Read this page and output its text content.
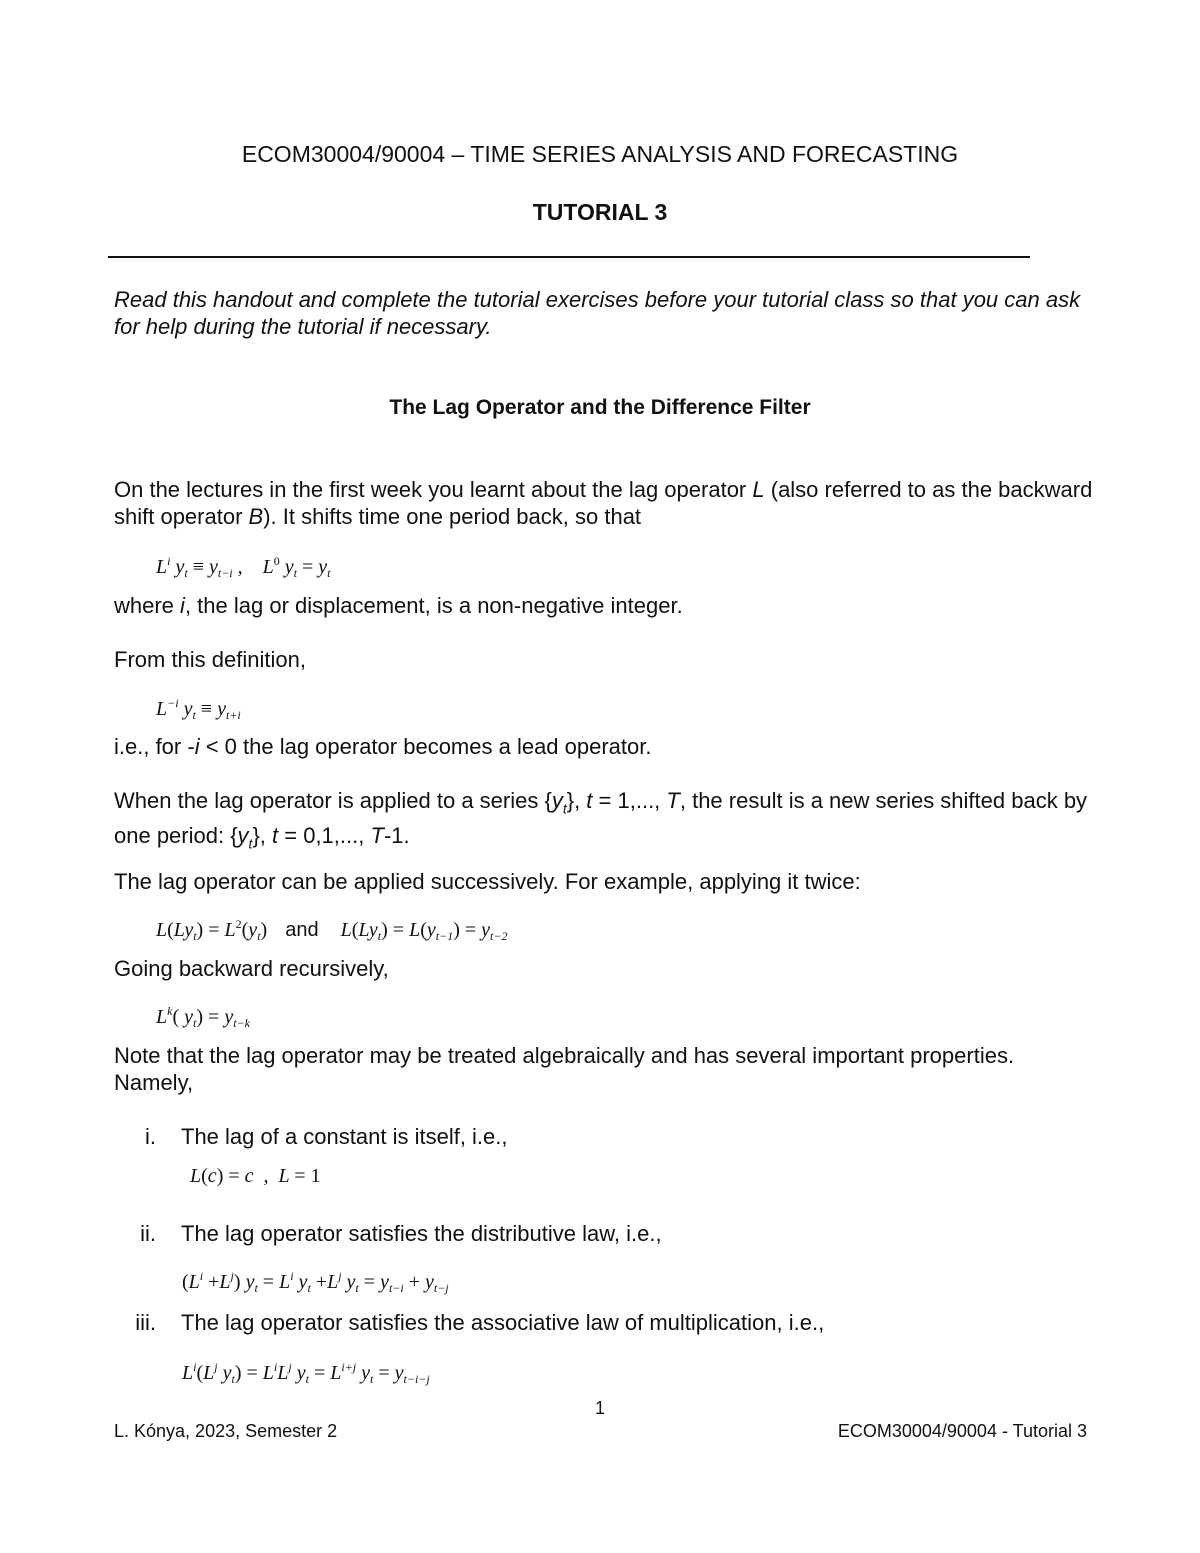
ECOM30004/90004 – TIME SERIES ANALYSIS AND FORECASTING
TUTORIAL 3
Read this handout and complete the tutorial exercises before your tutorial class so that you can ask for help during the tutorial if necessary.
The Lag Operator and the Difference Filter
On the lectures in the first week you learnt about the lag operator L (also referred to as the backward shift operator B). It shifts time one period back, so that
$L^i$ $y_t \equiv y_{t-i}$ ,    $L^0$ $y_t = y_t$
where i, the lag or displacement, is a non-negative integer.
From this definition,
$L^{-i}$ $y_t \equiv y_{t+i}$
i.e., for -i < 0 the lag operator becomes a lead operator.
When the lag operator is applied to a series $\{y_t\}$, t = 1,..., T, the result is a new series shifted back by one period: $\{y_t\}$, t = 0,1,..., T-1.
The lag operator can be applied successively. For example, applying it twice:
$L(Ly_t) = L^2(y_t)$ and $L(Ly_t) = L(y_{t-1}) = y_{t-2}$
Going backward recursively,
$L^k$( $y_t) = y_{t-k}$
Note that the lag operator may be treated algebraically and has several important properties. Namely,
i. The lag of a constant is itself, i.e.,
L(c) = c  ,  L = 1
ii. The lag operator satisfies the distributive law, i.e.,
$(L^i +L^j) y_t = L^i$ $y_t +L^j$ $y_t = y_{t-i} + y_{t-j}$
iii. The lag operator satisfies the associative law of multiplication, i.e.,
$L^i(L^j$ $y_t) = L^iL^j$ $y_t = L^{i+j}$ $y_t = y_{t-i-j}$
1
L. Kónya, 2023, Semester 2	ECOM30004/90004 - Tutorial 3
